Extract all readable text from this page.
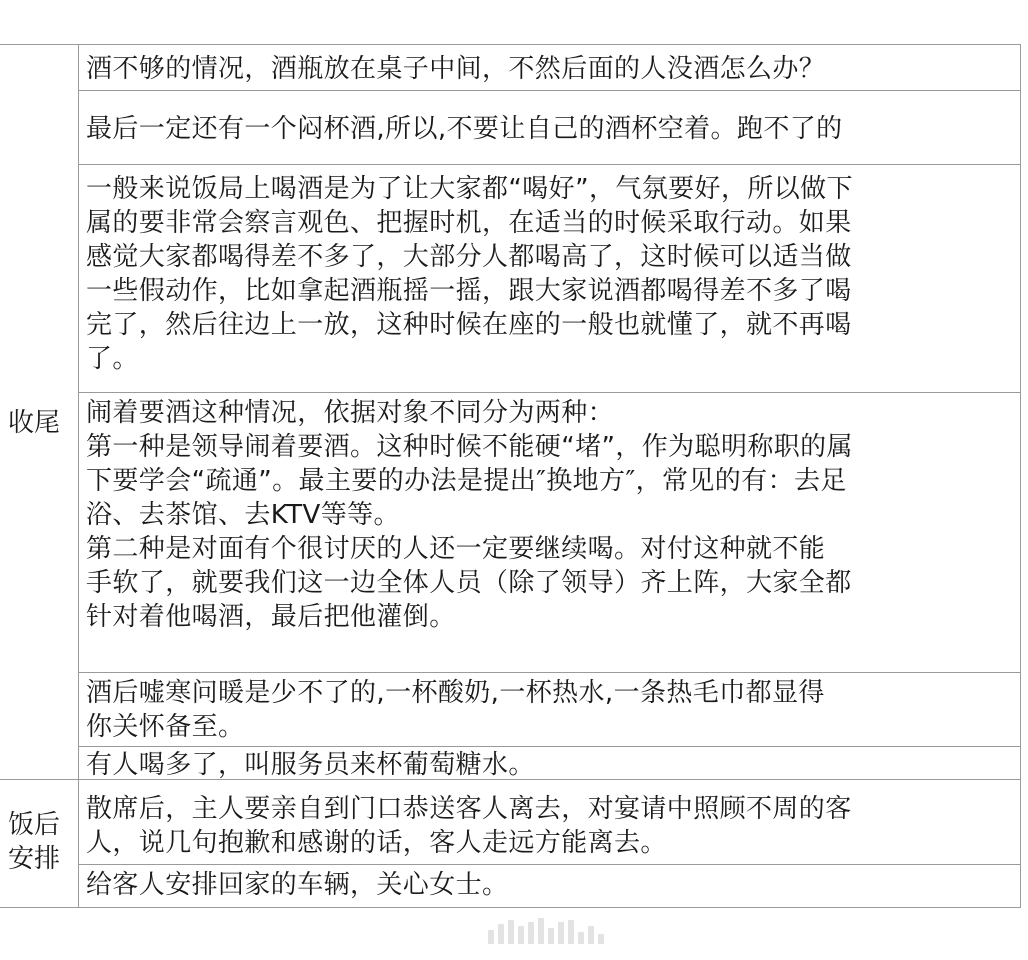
收尾
饭后
安排
酒不够的情况，酒瓶放在桌子中间，不然后面的人没酒怎么办？
最后一定还有一个闷杯酒,所以,不要让自己的酒杯空着。跑不了的
一般来说饭局上喝酒是为了让大家都“喝好”，气氛要好，所以做下
属的要非常会察言观色、把握时机，在适当的时候采取行动。如果
感觉大家都喝得差不多了，大部分人都喝高了，这时候可以适当做
一些假动作，比如拿起酒瓶摇一摇，跟大家说酒都喝得差不多了喝
完了，然后往边上一放，这种时候在座的一般也就懂了，就不再喝
了。
闹着要酒这种情况，依据对象不同分为两种：
第一种是领导闹着要酒。这种时候不能硬“堵”，作为聪明称职的属
下要学会“疏通”。最主要的办法是提出″换地方″，常见的有：去足
浴、去茶馆、去KTV等等。
第二种是对面有个很讨厌的人还一定要继续喝。对付这种就不能
手软了，就要我们这一边全体人员（除了领导）齐上阵，大家全都
针对着他喝酒，最后把他灌倒。
酒后嘘寒问暖是少不了的,一杯酸奶,一杯热水,一条热毛巾都显得
你关怀备至。
有人喝多了，叫服务员来杯葡萄糖水。
散席后，主人要亲自到门口恭送客人离去，对宴请中照顾不周的客
人，说几句抱歉和感谢的话，客人走远方能离去。
给客人安排回家的车辆，关心女士。
